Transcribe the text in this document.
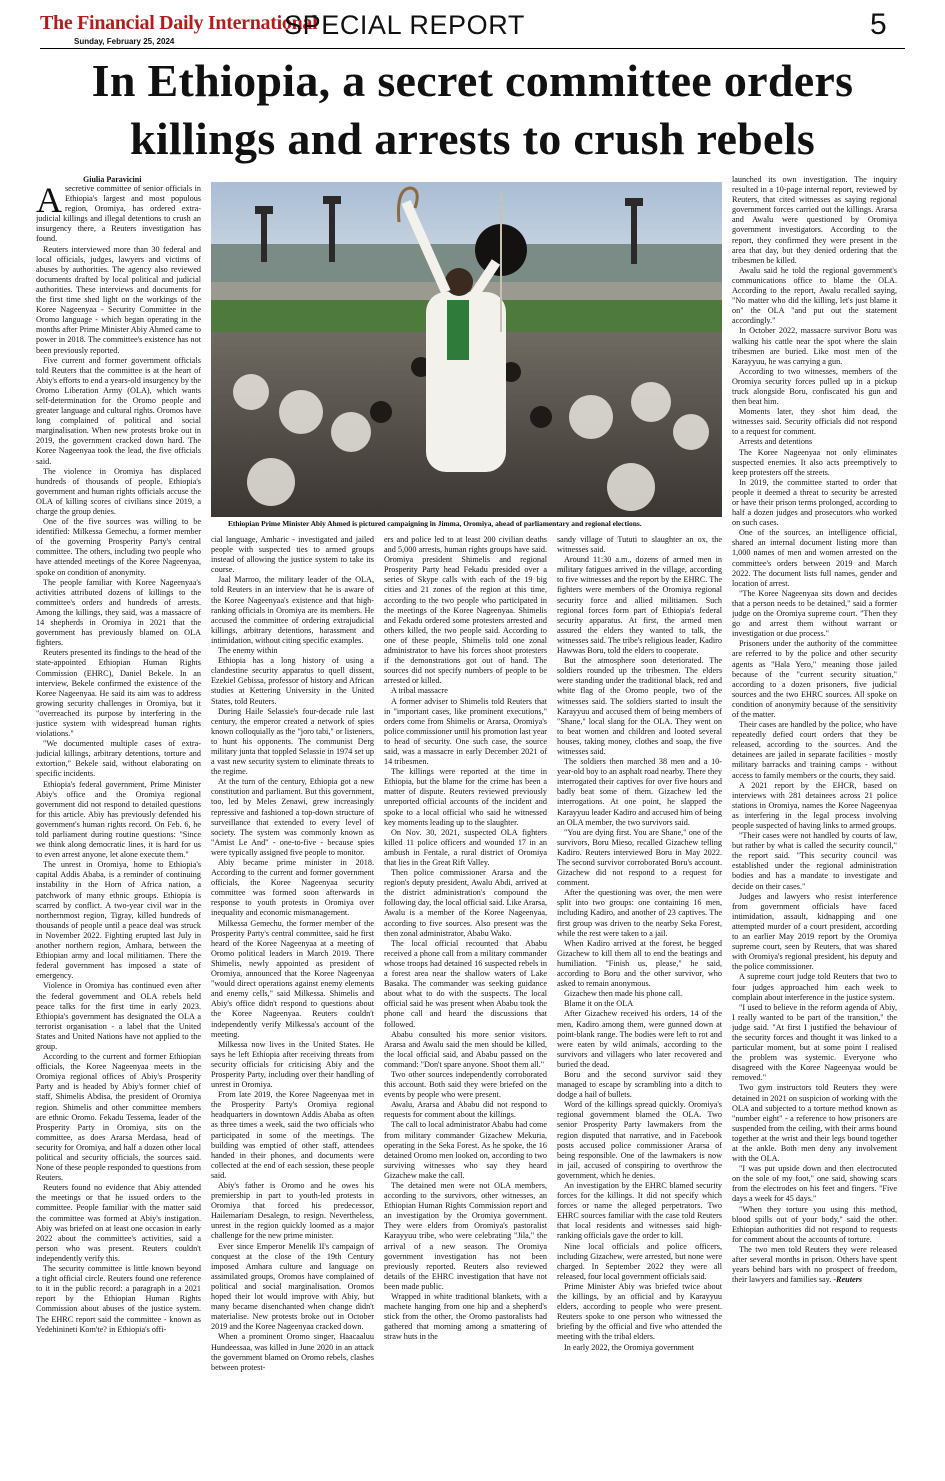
The Financial Daily International
Sunday, February 25, 2024
SPECIAL REPORT	5
In Ethiopia, a secret committee orders killings and arrests to crush rebels
Giulia Paravicini

Asecretive committee of senior officials in Ethiopia's largest and most populous region, Oromiya, has ordered extra-judicial killings and illegal detentions to crush an insurgency there, a Reuters investigation has found.

Reuters interviewed more than 30 federal and local officials, judges, lawyers and victims of abuses by authorities. The agency also reviewed documents drafted by local political and judicial authorities. These interviews and documents for the first time shed light on the workings of the Koree Nageenyaa - Security Committee in the Oromo language - which began operating in the months after Prime Minister Abiy Ahmed came to power in 2018. The committee's existence has not been previously reported.

Five current and former government officials told Reuters that the committee is at the heart of Abiy's efforts to end a years-old insurgency by the Oromo Liberation Army (OLA), which wants self-determination for the Oromo people and greater language and cultural rights. Oromos have long complained of political and social marginalisation. When new protests broke out in 2019, the government cracked down hard. The Koree Nageenyaa took the lead, the five officials said.

The violence in Oromiya has displaced hundreds of thousands of people. Ethiopia's government and human rights officials accuse the OLA of killing scores of civilians since 2019, a charge the group denies.

One of the five sources was willing to be identified: Milkessa Gemechu, a former member of the governing Prosperity Party's central committee. The others, including two people who have attended meetings of the Koree Nageenyaa, spoke on condition of anonymity.

The people familiar with Koree Nageenyaa's activities attributed dozens of killings to the committee's orders and hundreds of arrests. Among the killings, they said, was a massacre of 14 shepherds in Oromiya in 2021 that the government has previously blamed on OLA fighters.

Reuters presented its findings to the head of the state-appointed Ethiopian Human Rights Commission (EHRC), Daniel Bekele. In an interview, Bekele confirmed the existence of the Koree Nageenyaa. He said its aim was to address growing security challenges in Oromiya, but it "overreached its purpose by interfering in the justice system with widespread human rights violations."

"We documented multiple cases of extra-judicial killings, arbitrary detentions, torture and extortion," Bekele said, without elaborating on specific incidents.

Ethiopia's federal government, Prime Minister Abiy's office and the Oromiya regional government did not respond to detailed questions for this article. Abiy has previously defended his government's human rights record. On Feb. 6, he told parliament during routine questions: "Since we think along democratic lines, it is hard for us to even arrest anyone, let alone execute them."

The unrest in Oromiya, home to Ethiopia's capital Addis Ababa, is a reminder of continuing instability in the Horn of Africa nation, a patchwork of many ethnic groups. Ethiopia is scarred by conflict. A two-year civil war in the northernmost region, Tigray, killed hundreds of thousands of people until a peace deal was struck in November 2022. Fighting erupted last July in another northern region, Amhara, between the Ethiopian army and local militiamen. There the federal government has imposed a state of emergency.

Violence in Oromiya has continued even after the federal government and OLA rebels held peace talks for the first time in early 2023. Ethiopia's government has designated the OLA a terrorist organisation - a label that the United States and United Nations have not applied to the group.

According to the current and former Ethiopian officials, the Koree Nageenyaa meets in the Oromiya regional offices of Abiy's Prosperity Party and is headed by Abiy's former chief of staff, Shimelis Abdisa, the president of Oromiya region. Shimelis and other committee members are ethnic Oromo. Fekadu Tessema, leader of the Prosperity Party in Oromiya, sits on the committee, as does Ararsa Merdasa, head of security for Oromiya, and half a dozen other local political and security officials, the sources said. None of these people responded to questions from Reuters.

Reuters found no evidence that Abiy attended the meetings or that he issued orders to the committee. People familiar with the matter said the committee was formed at Abiy's instigation. Abiy was briefed on at least one occasion in early 2022 about the committee's activities, said a person who was present. Reuters couldn't independently verify this.

The security committee is little known beyond a tight official circle. Reuters found one reference to it in the public record: a paragraph in a 2021 report by the Ethiopian Human Rights Commission about abuses of the justice system. The EHRC report said the committee - known as Yedehinineti Kom'te? in Ethiopia's offi-

Ethiopian Prime Minister Abiy Ahmed is pictured campaigning in Jimma, Oromiya, ahead of parliamentary and regional elections.

cial language, Amharic - investigated and jailed people with suspected ties to armed groups instead of allowing the justice system to take its course.

Jaal Marroo, the military leader of the OLA, told Reuters in an interview that he is aware of the Koree Nageenyaa's existence and that high-ranking officials in Oromiya are its members. He accused the committee of ordering extrajudicial killings, arbitrary detentions, harassment and intimidation, without citing specific examples.

The enemy within

Ethiopia has a long history of using a clandestine security apparatus to quell dissent, Ezekiel Gebissa, professor of history and African studies at Kettering University in the United States, told Reuters.

During Haile Selassie's four-decade rule last century, the emperor created a network of spies known colloquially as the "joro tabi," or listeners, to hunt his opponents. The communist Derg military junta that toppled Selassie in 1974 set up a vast new security system to eliminate threats to the regime.

At the turn of the century, Ethiopia got a new constitution and parliament. But this government, too, led by Meles Zenawi, grew increasingly repressive and fashioned a top-down structure of surveillance that extended to every level of society. The system was commonly known as "Amist Le And" - one-to-five - because spies were typically assigned five people to monitor.

Abiy became prime minister in 2018. According to the current and former government officials, the Koree Nageenyaa security committee was formed soon afterwards in response to youth protests in Oromiya over inequality and economic mismanagement.

Milkessa Gemechu, the former member of the Prosperity Party's central committee, said he first heard of the Koree Nageenyaa at a meeting of Oromo political leaders in March 2019. There Shimelis, newly appointed as president of Oromiya, announced that the Koree Nageenyaa "would direct operations against enemy elements and enemy cells," said Milkessa. Shimelis and Abiy's office didn't respond to questions about the Koree Nageenyaa. Reuters couldn't independently verify Milkessa's account of the meeting.

Milkessa now lives in the United States. He says he left Ethiopia after receiving threats from security officials for criticising Abiy and the Prosperity Party, including over their handling of unrest in Oromiya.

From late 2019, the Koree Nageenyaa met in the Prosperity Party's Oromiya regional headquarters in downtown Addis Ababa as often as three times a week, said the two officials who participated in some of the meetings. The building was emptied of other staff, attendees handed in their phones, and documents were collected at the end of each session, these people said.

Abiy's father is Oromo and he owes his premiership in part to youth-led protests in Oromiya that forced his predecessor, Hailemariam Desalegn, to resign. Nevertheless, unrest in the region quickly loomed as a major challenge for the new prime minister.

Ever since Emperor Menelik II's campaign of conquest at the close of the 19th Century imposed Amhara culture and language on assimilated groups, Oromos have complained of political and social marginalisation. Oromos hoped their lot would improve with Abiy, but many became disenchanted when change didn't materialise. New protests broke out in October 2019 and the Koree Nageenyaa cracked down.

When a prominent Oromo singer, Haacaaluu Hundeessaa, was killed in June 2020 in an attack the government blamed on Oromo rebels, clashes between protest-

ers and police led to at least 200 civilian deaths and 5,000 arrests, human rights groups have said. Oromiya president Shimelis and regional Prosperity Party head Fekadu presided over a series of Skype calls with each of the 19 big cities and 21 zones of the region at this time, according to the two people who participated in the meetings of the Koree Nageenyaa. Shimelis and Fekadu ordered some protesters arrested and others killed, the two people said. According to one of these people, Shimelis told one zonal administrator to have his forces shoot protesters if the demonstrations got out of hand. The sources did not specify numbers of people to be arrested or killed.

A tribal massacre

A former adviser to Shimelis told Reuters that in "important cases, like prominent executions," orders come from Shimelis or Ararsa, Oromiya's police commissioner until his promotion last year to head of security. One such case, the source said, was a massacre in early December 2021 of 14 tribesmen.

The killings were reported at the time in Ethiopia, but the blame for the crime has been a matter of dispute. Reuters reviewed previously unreported official accounts of the incident and spoke to a local official who said he witnessed key moments leading up to the slaughter.

On Nov. 30, 2021, suspected OLA fighters killed 11 police officers and wounded 17 in an ambush in Fentale, a rural district of Oromiya that lies in the Great Rift Valley.

Then police commissioner Ararsa and the region's deputy president, Awalu Abdi, arrived at the district administration's compound the following day, the local official said. Like Ararsa, Awalu is a member of the Koree Nageenyaa, according to five sources. Also present was the then zonal administrator, Ababu Wako.

The local official recounted that Ababu received a phone call from a military commander whose troops had detained 16 suspected rebels in a forest area near the shallow waters of Lake Basaka. The commander was seeking guidance about what to do with the suspects. The local official said he was present when Ababu took the phone call and heard the discussions that followed.

Ababu consulted his more senior visitors. Ararsa and Awalu said the men should be killed, the local official said, and Ababu passed on the command: "Don't spare anyone. Shoot them all."

Two other sources independently corroborated this account. Both said they were briefed on the events by people who were present.

Awalu, Ararsa and Ababu did not respond to requests for comment about the killings.

The call to local administrator Ababu had come from military commander Gizachew Mekuria, operating in the Seka Forest. As he spoke, the 16 detained Oromo men looked on, according to two surviving witnesses who say they heard Gizachew make the call.

The detained men were not OLA members, according to the survivors, other witnesses, an Ethiopian Human Rights Commission report and an investigation by the Oromiya government. They were elders from Oromiya's pastoralist Karayyuu tribe, who were celebrating "Jila," the arrival of a new season. The Oromiya government investigation has not been previously reported. Reuters also reviewed details of the EHRC investigation that have not been made public.

Wrapped in white traditional blankets, with a machete hanging from one hip and a shepherd's stick from the other, the Oromo pastoralists had gathered that morning among a smattering of straw huts in the

sandy village of Tututi to slaughter an ox, the witnesses said.

Around 11:30 a.m., dozens of armed men in military fatigues arrived in the village, according to five witnesses and the report by the EHRC. The fighters were members of the Oromiya regional security force and allied militiamen. Such regional forces form part of Ethiopia's federal security apparatus. At first, the armed men assured the elders they wanted to talk, the witnesses said. The tribe's religious leader, Kadiro Hawwas Boru, told the elders to cooperate.

But the atmosphere soon deteriorated. The soldiers rounded up the tribesmen. The elders were standing under the traditional black, red and white flag of the Oromo people, two of the witnesses said. The soldiers started to insult the Karayyuu and accused them of being members of "Shane," local slang for the OLA. They went on to beat women and children and looted several houses, taking money, clothes and soap, the five witnesses said.

The soldiers then marched 38 men and a 10-year-old boy to an asphalt road nearby. There they interrogated their captives for over five hours and badly beat some of them. Gizachew led the interrogations. At one point, he slapped the Karayyuu leader Kadiro and accused him of being an OLA member, the two survivors said.

"You are dying first. You are Shane," one of the survivors, Boru Mieso, recalled Gizachew telling Kadiro. Reuters interviewed Boru in May 2022. The second survivor corroborated Boru's account. Gizachew did not respond to a request for comment.

After the questioning was over, the men were split into two groups: one containing 16 men, including Kadiro, and another of 23 captives. The first group was driven to the nearby Seka Forest, while the rest were taken to a jail.

When Kadiro arrived at the forest, he begged Gizachew to kill them all to end the beatings and humiliation. "Finish us, please," he said, according to Boru and the other survivor, who asked to remain anonymous.

Gizachew then made his phone call.

Blame it on the OLA

After Gizachew received his orders, 14 of the men, Kadiro among them, were gunned down at point-blank range. The bodies were left to rot and were eaten by wild animals, according to the survivors and villagers who later recovered and buried the dead.

Boru and the second survivor said they managed to escape by scrambling into a ditch to dodge a hail of bullets.

Word of the killings spread quickly. Oromiya's regional government blamed the OLA. Two senior Prosperity Party lawmakers from the region disputed that narrative, and in Facebook posts accused police commissioner Ararsa of being responsible. One of the lawmakers is now in jail, accused of conspiring to overthrow the government, which he denies.

An investigation by the EHRC blamed security forces for the killings. It did not specify which forces or name the alleged perpetrators. Two EHRC sources familiar with the case told Reuters that local residents and witnesses said high-ranking officials gave the order to kill.

Nine local officials and police officers, including Gizachew, were arrested, but none were charged. In September 2022 they were all released, four local government officials said.

Prime Minister Abiy was briefed twice about the killings, by an official and by Karayyuu elders, according to people who were present. Reuters spoke to one person who witnessed the briefing by the official and five who attended the meeting with the tribal elders.

In early 2022, the Oromiya government

launched its own investigation. The inquiry resulted in a 10-page internal report, reviewed by Reuters, that cited witnesses as saying regional government forces carried out the killings. Ararsa and Awalu were questioned by Oromiya government investigators. According to the report, they confirmed they were present in the area that day, but they denied ordering that the tribesmen be killed.

Awalu said he told the regional government's communications office to blame the OLA. According to the report, Awalu recalled saying, "No matter who did the killing, let's just blame it on" the OLA "and put out the statement accordingly."

In October 2022, massacre survivor Boru was walking his cattle near the spot where the slain tribesmen are buried. Like most men of the Karayyuu, he was carrying a gun.

According to two witnesses, members of the Oromiya security forces pulled up in a pickup truck alongside Boru, confiscated his gun and then beat him.

Moments later, they shot him dead, the witnesses said. Security officials did not respond to a request for comment.

Arrests and detentions

The Koree Nageenyaa not only eliminates suspected enemies. It also acts preemptively to keep protesters off the streets.

In 2019, the committee started to order that people it deemed a threat to security be arrested or have their prison terms prolonged, according to half a dozen judges and prosecutors who worked on such cases.

One of the sources, an intelligence official, shared an internal document listing more than 1,000 names of men and women arrested on the committee's orders between 2019 and March 2022. The document lists full names, gender and location of arrest.

"The Koree Nageenyaa sits down and decides that a person needs to be detained," said a former judge on the Oromiya supreme court. "Then they go and arrest them without warrant or investigation or due process."

Prisoners under the authority of the committee are referred to by the police and other security agents as "Hala Yero," meaning those jailed because of the "current security situation," according to a dozen prisoners, five judicial sources and the two EHRC sources. All spoke on condition of anonymity because of the sensitivity of the matter.

Their cases are handled by the police, who have repeatedly defied court orders that they be released, according to the sources. And the detainees are jailed in separate facilities - mostly military barracks and training camps - without access to family members or the courts, they said.

A 2021 report by the EHCR, based on interviews with 281 detainees across 21 police stations in Oromiya, names the Koree Nageenyaa as interfering in the legal process involving people suspected of having links to armed groups.

"Their cases were not handled by courts of law, but rather by what is called the security council," the report said. "This security council was established under the regional administration bodies and has a mandate to investigate and decide on their cases."

Judges and lawyers who resist interference from government officials have faced intimidation, assault, kidnapping and one attempted murder of a court president, according to an earlier May 2019 report by the Oromiya supreme court, seen by Reuters, that was shared with Oromiya's regional president, his deputy and the police commissioner.

A supreme court judge told Reuters that two to four judges approached him each week to complain about interference in the justice system.

"I used to believe in the reform agenda of Abiy, I really wanted to be part of the transition," the judge said. "At first I justified the behaviour of the security forces and thought it was linked to a particular moment, but at some point I realised the problem was systemic. Everyone who disagreed with the Koree Nageenyaa would be removed."

Two gym instructors told Reuters they were detained in 2021 on suspicion of working with the OLA and subjected to a torture method known as "number eight" - a reference to how prisoners are suspended from the ceiling, with their arms bound together at the wrist and their legs bound together at the ankle. Both men deny any involvement with the OLA.

"I was put upside down and then electrocuted on the sole of my foot," one said, showing scars from the electrodes on his feet and fingers. "Five days a week for 45 days."

"When they torture you using this method, blood spills out of your body," said the other. Ethiopian authorities did not respond to requests for comment about the accounts of torture.

The two men told Reuters they were released after several months in prison. Others have spent years behind bars with no prospect of freedom, their lawyers and families say. -Reuters
